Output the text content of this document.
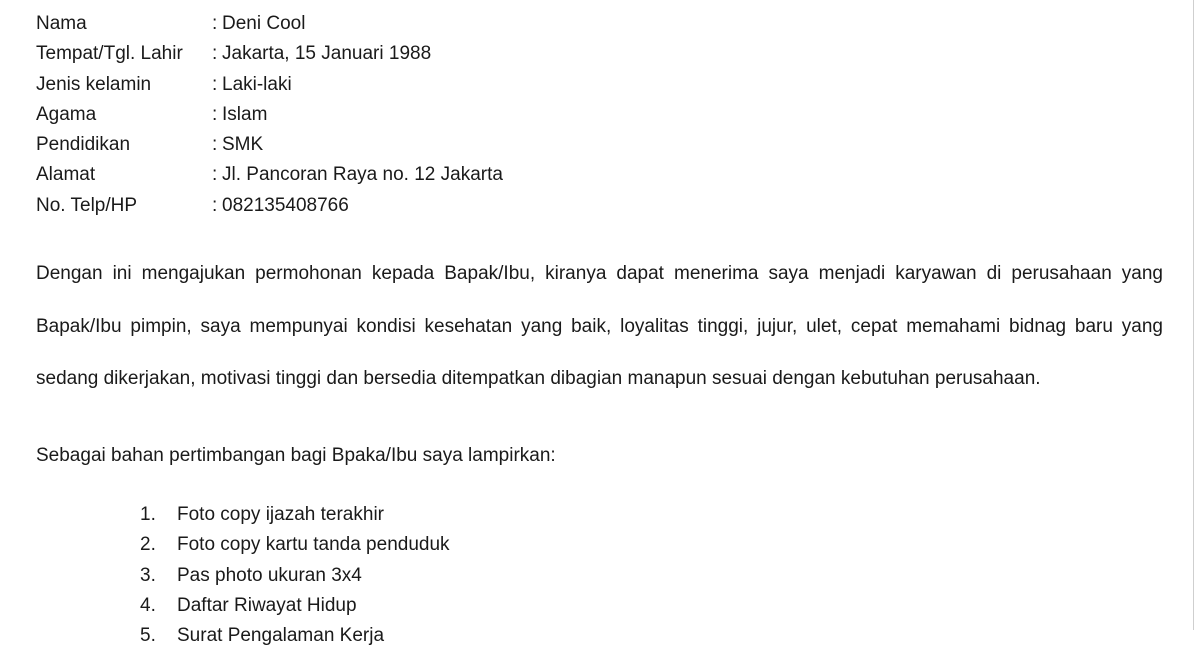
Nama	: Deni Cool
Tempat/Tgl. Lahir	: Jakarta, 15 Januari 1988
Jenis kelamin	: Laki-laki
Agama	: Islam
Pendidikan	: SMK
Alamat	: Jl. Pancoran Raya no. 12 Jakarta
No. Telp/HP	: 082135408766
Dengan ini mengajukan permohonan kepada Bapak/Ibu, kiranya dapat menerima saya menjadi karyawan di perusahaan yang
Bapak/Ibu pimpin, saya mempunyai kondisi kesehatan yang baik, loyalitas tinggi, jujur, ulet, cepat memahami bidnag baru yang
sedang dikerjakan, motivasi tinggi dan bersedia ditempatkan dibagian manapun sesuai dengan kebutuhan perusahaan.
Sebagai bahan pertimbangan bagi Bpaka/Ibu saya lampirkan:
1.	Foto copy ijazah terakhir
2.	Foto copy kartu tanda penduduk
3.	Pas photo ukuran 3x4
4.	Daftar Riwayat Hidup
5.	Surat Pengalaman Kerja
